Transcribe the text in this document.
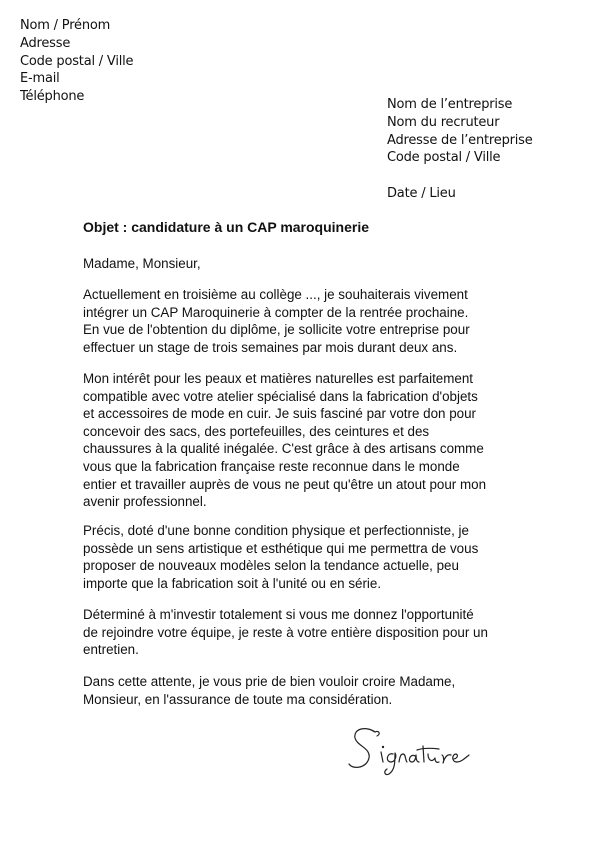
Nom / Prénom
Adresse
Code postal / Ville
E-mail
Téléphone
Nom de l’entreprise
Nom du recruteur
Adresse de l’entreprise
Code postal / Ville
Date / Lieu
Objet : candidature à un CAP maroquinerie
Madame, Monsieur,
Actuellement en troisième au collège ..., je souhaiterais vivement
intégrer un CAP Maroquinerie à compter de la rentrée prochaine.
En vue de l'obtention du diplôme, je sollicite votre entreprise pour
effectuer un stage de trois semaines par mois durant deux ans.
Mon intérêt pour les peaux et matières naturelles est parfaitement
compatible avec votre atelier spécialisé dans la fabrication d'objets
et accessoires de mode en cuir. Je suis fasciné par votre don pour
concevoir des sacs, des portefeuilles, des ceintures et des
chaussures à la qualité inégalée. C'est grâce à des artisans comme
vous que la fabrication française reste reconnue dans le monde
entier et travailler auprès de vous ne peut qu'être un atout pour mon
avenir professionnel.
Précis, doté d'une bonne condition physique et perfectionniste, je
possède un sens artistique et esthétique qui me permettra de vous
proposer de nouveaux modèles selon la tendance actuelle, peu
importe que la fabrication soit à l'unité ou en série.
Déterminé à m'investir totalement si vous me donnez l'opportunité
de rejoindre votre équipe, je reste à votre entière disposition pour un
entretien.
Dans cette attente, je vous prie de bien vouloir croire Madame,
Monsieur, en l'assurance de toute ma considération.
Signature
